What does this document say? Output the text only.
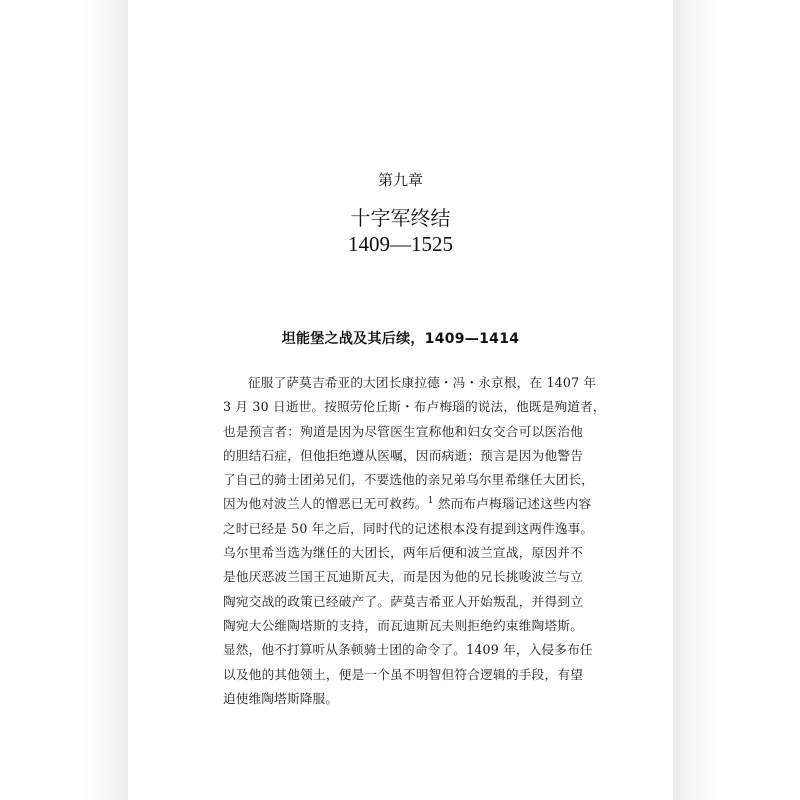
第九章
十字军终结
1409—1525
坦能堡之战及其后续，1409—1414
征服了萨莫吉希亚的大团长康拉德・冯・永京根，在 1407 年
3 月 30 日逝世。按照劳伦丘斯・布卢梅瑙的说法，他既是殉道者，
也是预言者：殉道是因为尽管医生宣称他和妇女交合可以医治他
的胆结石症，但他拒绝遵从医嘱，因而病逝；预言是因为他警告
了自己的骑士团弟兄们，不要选他的亲兄弟乌尔里希继任大团长，
因为他对波兰人的憎恶已无可救药。$^1$ 然而布卢梅瑙记述这些内容
之时已经是 50 年之后，同时代的记述根本没有提到这两件逸事。
乌尔里希当选为继任的大团长，两年后便和波兰宣战，原因并不
是他厌恶波兰国王瓦迪斯瓦夫，而是因为他的兄长挑唆波兰与立
陶宛交战的政策已经破产了。萨莫吉希亚人开始叛乱，并得到立
陶宛大公维陶塔斯的支持，而瓦迪斯瓦夫则拒绝约束维陶塔斯。
显然，他不打算听从条顿骑士团的命令了。1409 年，入侵多布任
以及他的其他领土，便是一个虽不明智但符合逻辑的手段，有望
迫使维陶塔斯降服。
